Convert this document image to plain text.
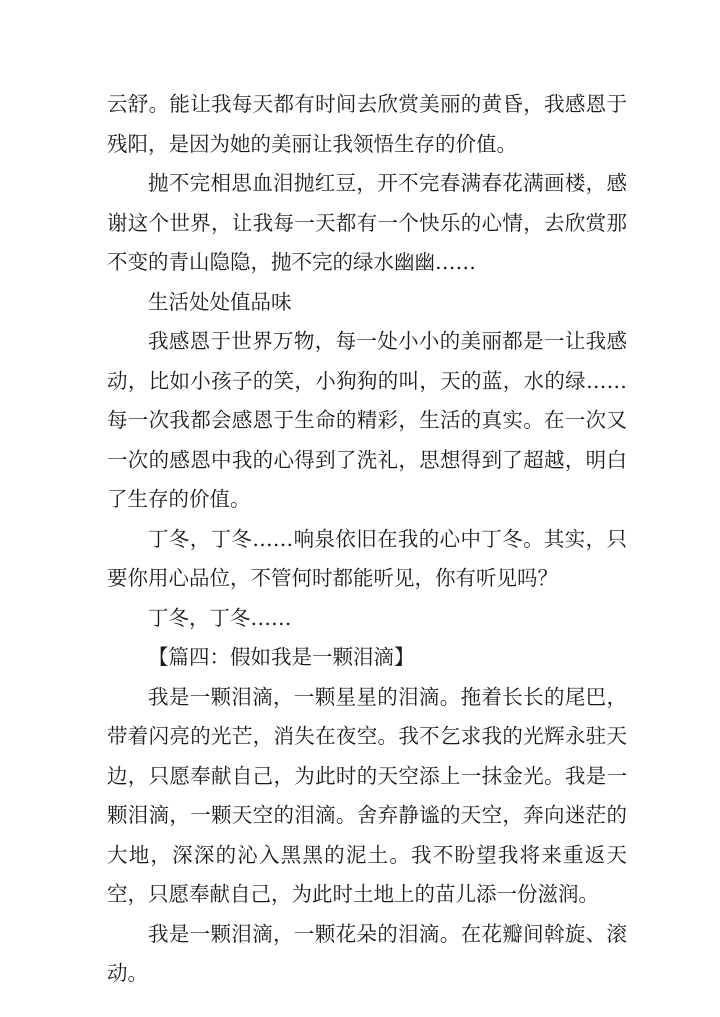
云舒。能让我每天都有时间去欣赏美丽的黄昏，我感恩于残阳，是因为她的美丽让我领悟生存的价值。

抛不完相思血泪抛红豆，开不完春满春花满画楼，感谢这个世界，让我每一天都有一个快乐的心情，去欣赏那不变的青山隐隐，抛不完的绿水幽幽……

生活处处值品味

我感恩于世界万物，每一处小小的美丽都是一让我感动，比如小孩子的笑，小狗狗的叫，天的蓝，水的绿……每一次我都会感恩于生命的精彩，生活的真实。在一次又一次的感恩中我的心得到了洗礼，思想得到了超越，明白了生存的价值。

丁冬，丁冬……响泉依旧在我的心中丁冬。其实，只要你用心品位，不管何时都能听见，你有听见吗？

丁冬，丁冬……

【篇四：假如我是一颗泪滴】

我是一颗泪滴，一颗星星的泪滴。拖着长长的尾巴，带着闪亮的光芒，消失在夜空。我不乞求我的光辉永驻天边，只愿奉献自己，为此时的天空添上一抹金光。我是一颗泪滴，一颗天空的泪滴。舍弃静谧的天空，奔向迷茫的大地，深深的沁入黑黑的泥土。我不盼望我将来重返天空，只愿奉献自己，为此时土地上的苗儿添一份滋润。

我是一颗泪滴，一颗花朵的泪滴。在花瓣间斡旋、滚动。
